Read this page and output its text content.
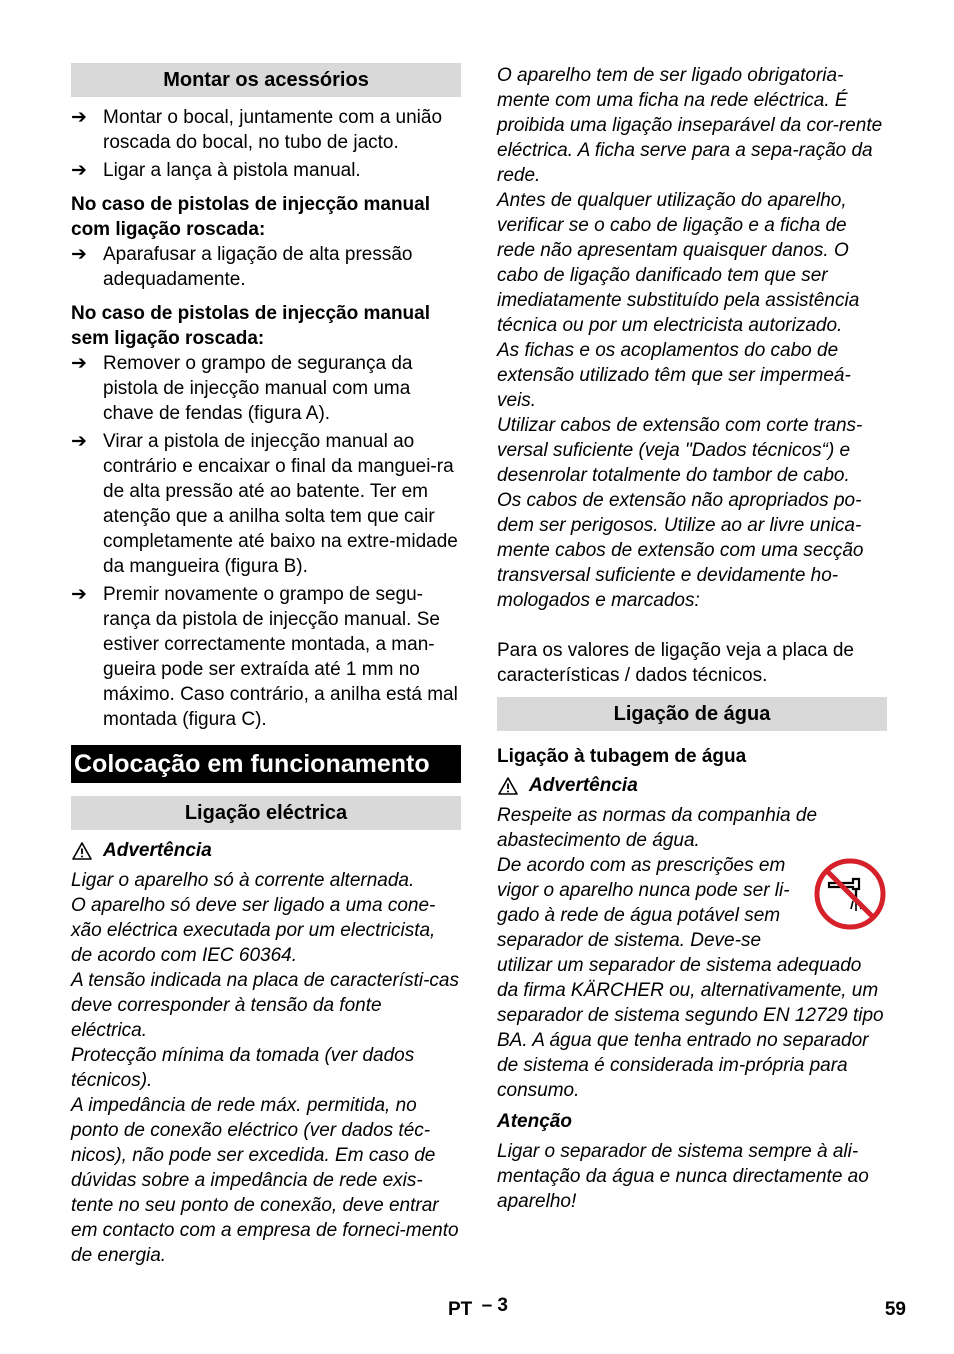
Montar os acessórios
➔ Montar o bocal, juntamente com a união roscada do bocal, no tubo de jacto.
➔ Ligar a lança à pistola manual.

No caso de pistolas de injecção manual com ligação roscada:

➔ Aparafusar a ligação de alta pressão adequadamente.

No caso de pistolas de injecção manual sem ligação roscada:

➔ Remover o grampo de segurança da pistola de injecção manual com uma chave de fendas (figura A).
➔ Virar a pistola de injecção manual ao contrário e encaixar o final da manguei-ra de alta pressão até ao batente. Ter em atenção que a anilha solta tem que cair completamente até baixo na extre-midade da mangueira (figura B).
➔ Premir novamente o grampo de segu-rança da pistola de injecção manual. Se estiver correctamente montada, a man-gueira pode ser extraída até 1 mm no máximo. Caso contrário, a anilha está mal montada (figura C).
Colocação em funcionamento
Ligação eléctrica

Advertência

Ligar o aparelho só à corrente alternada.

O aparelho só deve ser ligado a uma cone-xão eléctrica executada por um electricista, de acordo com IEC 60364.

A tensão indicada na placa de característi-cas deve corresponder à tensão da fonte eléctrica.

Protecção mínima da tomada (ver dados técnicos).

A impedância de rede máx. permitida, no ponto de conexão eléctrico (ver dados téc-nicos), não pode ser excedida. Em caso de dúvidas sobre a impedância de rede exis-tente no seu ponto de conexão, deve entrar em contacto com a empresa de forneci-mento de energia.

O aparelho tem de ser ligado obrigatoria-mente com uma ficha na rede eléctrica. É proibida uma ligação inseparável da cor-rente eléctrica. A ficha serve para a sepa-ração da rede.

Antes de qualquer utilização do aparelho, verificar se o cabo de ligação e a ficha de rede não apresentam quaisquer danos. O cabo de ligação danificado tem que ser imediatamente substituído pela assistência técnica ou por um electricista autorizado.

As fichas e os acoplamentos do cabo de extensão utilizado têm que ser impermeá-veis.

Utilizar cabos de extensão com corte trans-versal suficiente (veja "Dados técnicos“) e desenrolar totalmente do tambor de cabo.

Os cabos de extensão não apropriados po-dem ser perigosos. Utilize ao ar livre unica-mente cabos de extensão com uma secção transversal suficiente e devidamente ho-mologados e marcados:

Para os valores de ligação veja a placa de características / dados técnicos.

Ligação de água

Ligação à tubagem de água

Advertência

Respeite as normas da companhia de abastecimento de água.

De acordo com as prescrições em vigor o aparelho nunca pode ser li-gado à rede de água potável sem separador de sistema. Deve-se utilizar um separador de sistema adequado da firma KÄRCHER ou, alternativamente, um separador de sistema segundo EN 12729 tipo BA. A água que tenha entrado no separador de sistema é considerada im-própria para consumo.

Atenção

Ligar o separador de sistema sempre à ali-mentação da água e nunca directamente ao aparelho!

PT – 3	59
